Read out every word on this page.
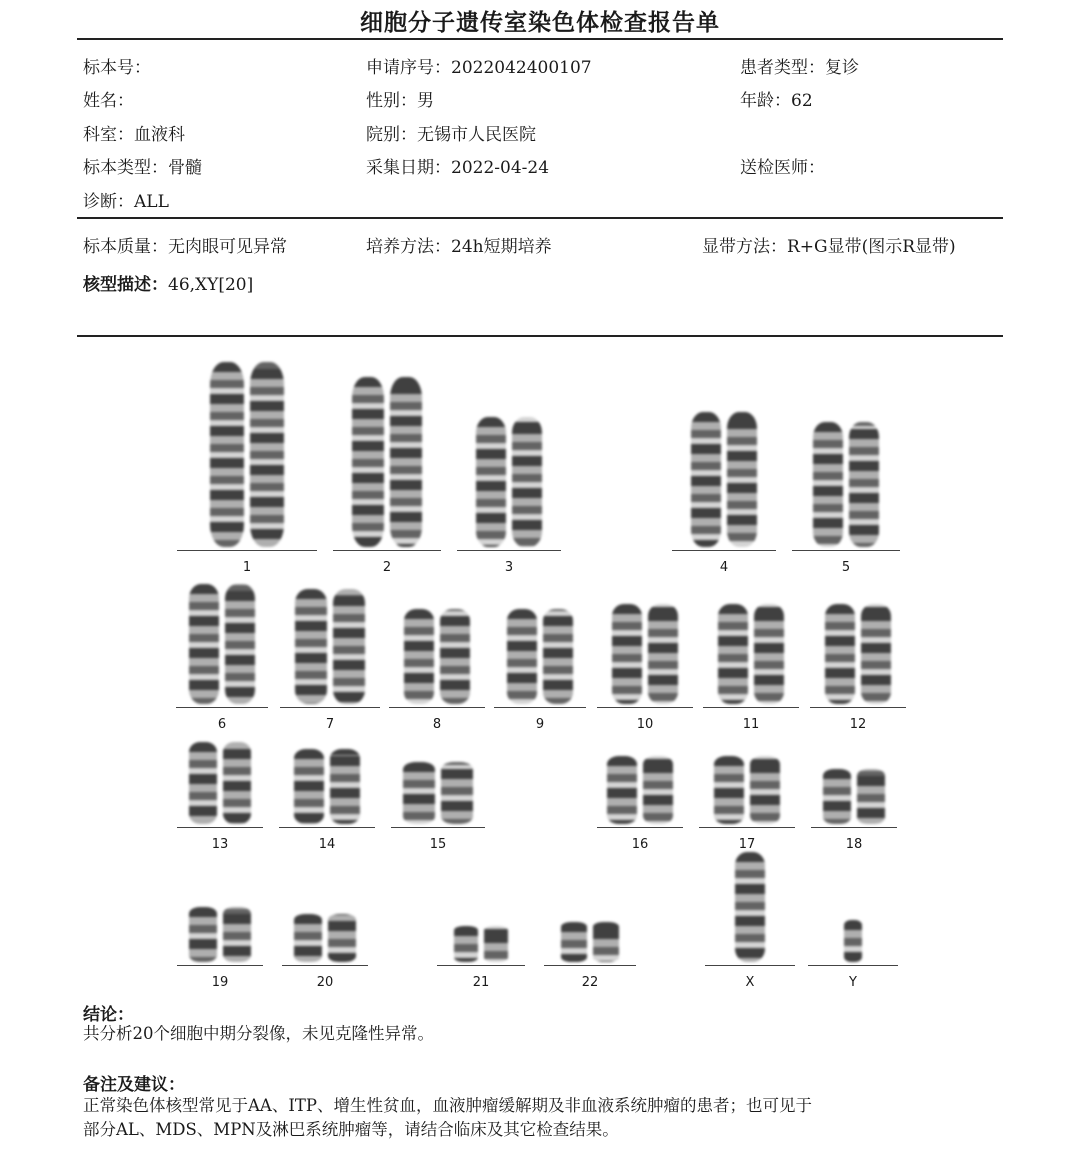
细胞分子遗传室染色体检查报告单
标本号：	申请序号：2022042400107	患者类型：复诊
姓名：	性别：男	年龄：62
科室：血液科	院别：无锡市人民医院
标本类型：骨髓	采集日期：2022-04-24	送检医师：
诊断：ALL
标本质量：无肉眼可见异常	培养方法：24h短期培养	显带方法：R+G显带(图示R显带)
核型描述：46,XY[20]
1	2	3	4	5
6	7	8	9	10	11	12
13	14	15	16	17	18
19	20	21	22	X	Y
结论：
共分析20个细胞中期分裂像，未见克隆性异常。
备注及建议：
正常染色体核型常见于AA、ITP、增生性贫血，血液肿瘤缓解期及非血液系统肿瘤的患者；也可见于
部分AL、MDS、MPN及淋巴系统肿瘤等，请结合临床及其它检查结果。
